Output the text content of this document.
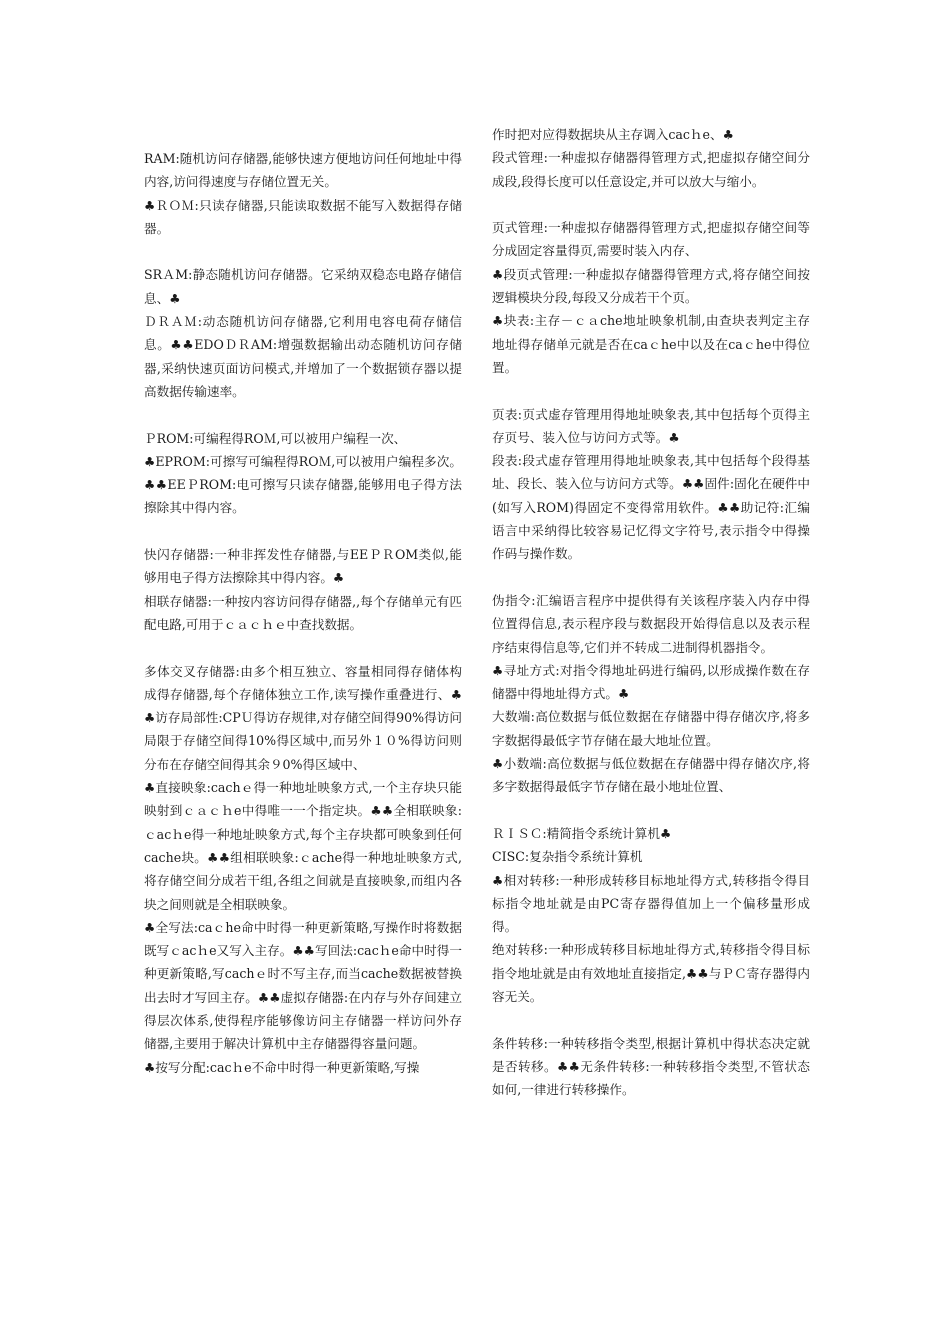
RAM:随机访问存储器,能够快速方便地访问任何地址中得内容,访问得速度与存储位置无关。

♣ＲＯＭ:只读存储器,只能读取数据不能写入数据得存储器。

SRＡM:静态随机访问存储器。它采纳双稳态电路存储信息、♣

ＤＲＡＭ:动态随机访问存储器,它利用电容电荷存储信息。♣♣EDOＤＲAM:增强数据输出动态随机访问存储器,采纳快速页面访问模式,并增加了一个数据锁存器以提高数据传输速率。

ＰROM:可编程得ROＭ,可以被用户编程一次、

♣EPROM:可擦写可编程得ROＭ,可以被用户编程多次。♣♣EEＰROM:电可擦写只读存储器,能够用电子得方法擦除其中得内容。

快闪存储器:一种非挥发性存储器,与EEＰＲOM类似,能够用电子得方法擦除其中得内容。♣

相联存储器:一种按内容访问得存储器,,每个存储单元有匹配电路,可用于ｃａｃｈｅ中查找数据。

多体交叉存储器:由多个相互独立、容量相同得存储体构成得存储器,每个存储体独立工作,读写操作重叠进行、♣♣访存局部性:CPＵ得访存规律,对存储空间得90%得访问局限于存储空间得10%得区域中,而另外１０%得访问则分布在存储空间得其余９0%得区域中、

♣直接映象:cachｅ得一种地址映象方式,一个主存块只能映射到ｃａｃｈe中得唯一一个指定块。♣♣全相联映象:ｃacｈe得一种地址映象方式,每个主存块都可映象到任何cache块。♣♣组相联映象:ｃache得一种地址映象方式,将存储空间分成若干组,各组之间就是直接映象,而组内各块之间则就是全相联映象。

♣全写法:caｃhe命中时得一种更新策略,写操作时将数据既写ｃacｈe又写入主存。♣♣写回法:cacｈe命中时得一种更新策略,写cachｅ时不写主存,而当cache数据被替换出去时才写回主存。♣♣虚拟存储器:在内存与外存间建立得层次体系,使得程序能够像访问主存储器一样访问外存储器,主要用于解决计算机中主存储器得容量问题。

♣按写分配:cacｈe不命中时得一种更新策略,写操

作时把对应得数据块从主存调入cacｈe、♣

段式管理:一种虚拟存储器得管理方式,把虚拟存储空间分成段,段得长度可以任意设定,并可以放大与缩小。

页式管理:一种虚拟存储器得管理方式,把虚拟存储空间等分成固定容量得页,需要时装入内存、

♣段页式管理:一种虚拟存储器得管理方式,将存储空间按逻辑模块分段,每段又分成若干个页。

♣块表:主存－ｃａche地址映象机制,由查块表判定主存地址得存储单元就是否在caｃhe中以及在caｃhe中得位置。

页表:页式虚存管理用得地址映象表,其中包括每个页得主存页号、装入位与访问方式等。♣

段表:段式虚存管理用得地址映象表,其中包括每个段得基址、段长、装入位与访问方式等。♣♣固件:固化在硬件中(如写入ROM)得固定不变得常用软件。♣♣助记符:汇编语言中采纳得比较容易记忆得文字符号,表示指令中得操作码与操作数。

伪指令:汇编语言程序中提供得有关该程序装入内存中得位置得信息,表示程序段与数据段开始得信息以及表示程序结束得信息等,它们并不转成二进制得机器指令。

♣寻址方式:对指令得地址码进行编码,以形成操作数在存储器中得地址得方式。♣

大数端:高位数据与低位数据在存储器中得存储次序,将多字数据得最低字节存储在最大地址位置。

♣小数端:高位数据与低位数据在存储器中得存储次序,将多字数据得最低字节存储在最小地址位置、

ＲＩＳＣ:精简指令系统计算机♣

CISC:复杂指令系统计算机

♣相对转移:一种形成转移目标地址得方式,转移指令得目标指令地址就是由PC寄存器得值加上一个偏移量形成得。

绝对转移:一种形成转移目标地址得方式,转移指令得目标指令地址就是由有效地址直接指定,♣♣与ＰＣ寄存器得内容无关。

条件转移:一种转移指令类型,根据计算机中得状态决定就是否转移。♣♣无条件转移:一种转移指令类型,不管状态如何,一律进行转移操作。
